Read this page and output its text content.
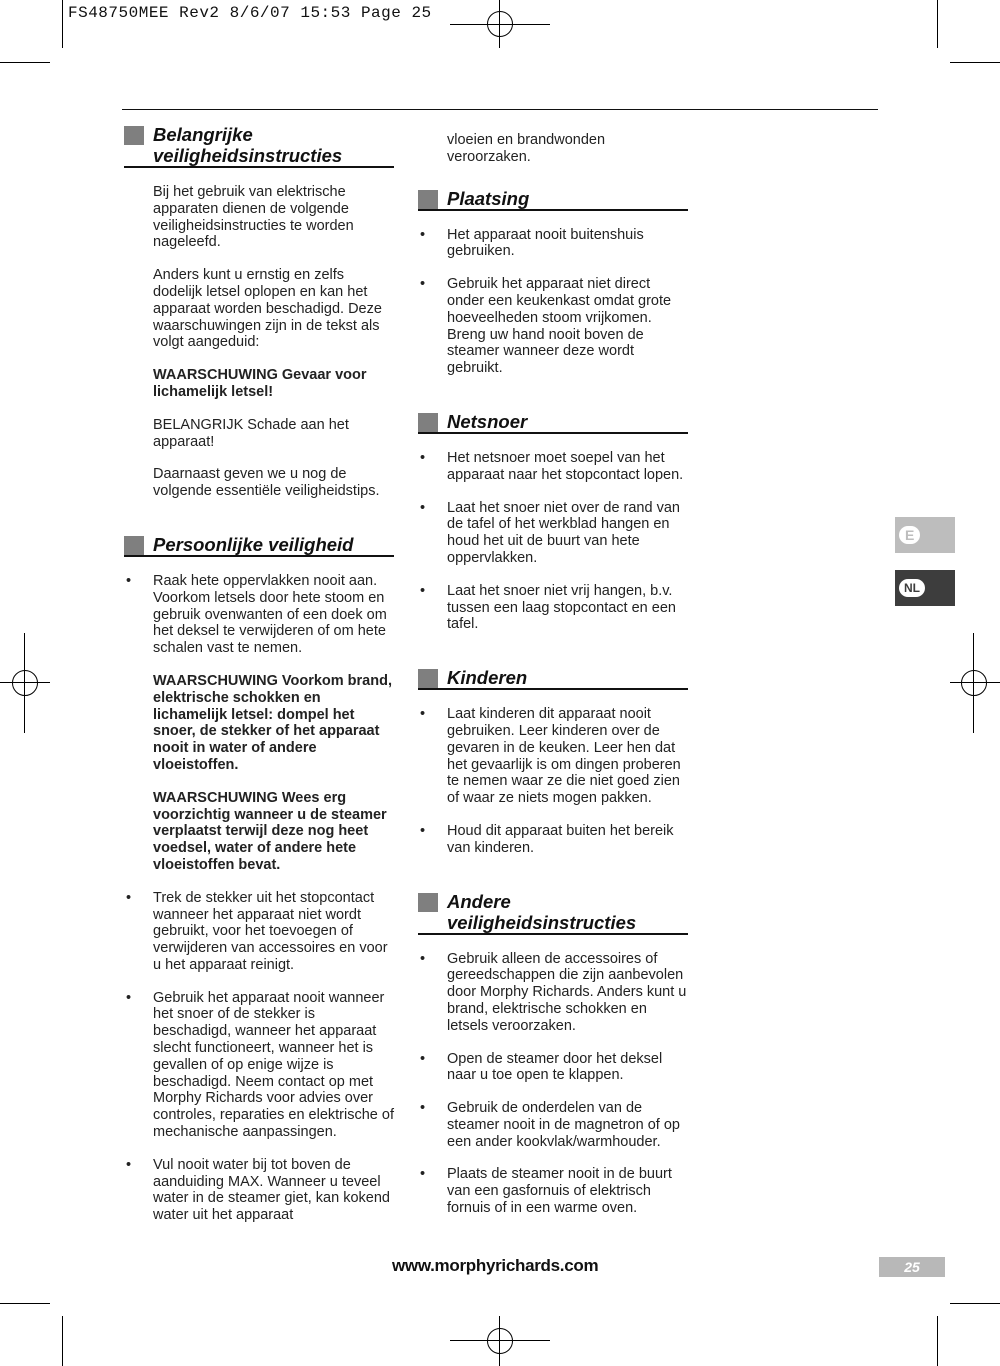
FS48750MEE Rev2 8/6/07 15:53 Page 25
Belangrijke
veiligheidsinstructies

Bij het gebruik van elektrische apparaten dienen de volgende veiligheidsinstructies te worden nageleefd.

Anders kunt u ernstig en zelfs dodelijk letsel oplopen en kan het apparaat worden beschadigd. Deze waarschuwingen zijn in de tekst als volgt aangeduid:

WAARSCHUWING Gevaar voor lichamelijk letsel!

BELANGRIJK Schade aan het apparaat!

Daarnaast geven we u nog de volgende essentiële veiligheidstips.

Persoonlijke veiligheid
• Raak hete oppervlakken nooit aan. Voorkom letsels door hete stoom en gebruik ovenwanten of een doek om het deksel te verwijderen of om hete schalen vast te nemen.

WAARSCHUWING Voorkom brand, elektrische schokken en lichamelijk letsel: dompel het snoer, de stekker of het apparaat nooit in water of andere vloeistoffen.

WAARSCHUWING Wees erg voorzichtig wanneer u de steamer verplaatst terwijl deze nog heet voedsel, water of andere hete vloeistoffen bevat.

• Trek de stekker uit het stopcontact wanneer het apparaat niet wordt gebruikt, voor het toevoegen of verwijderen van accessoires en voor u het apparaat reinigt.
• Gebruik het apparaat nooit wanneer het snoer of de stekker is beschadigd, wanneer het apparaat slecht functioneert, wanneer het is gevallen of op enige wijze is beschadigd. Neem contact op met Morphy Richards voor advies over controles, reparaties en elektrische of mechanische aanpassingen.
• Vul nooit water bij tot boven de aanduiding MAX. Wanneer u teveel water in de steamer giet, kan kokend water uit het apparaat

vloeien en brandwonden veroorzaken.

Plaatsing
• Het apparaat nooit buitenshuis gebruiken.
• Gebruik het apparaat niet direct onder een keukenkast omdat grote hoeveelheden stoom vrijkomen. Breng uw hand nooit boven de steamer wanneer deze wordt gebruikt.
Netsnoer
• Het netsnoer moet soepel van het apparaat naar het stopcontact lopen.
• Laat het snoer niet over de rand van de tafel of het werkblad hangen en houd het uit de buurt van hete oppervlakken.
• Laat het snoer niet vrij hangen, b.v. tussen een laag stopcontact en een tafel.
Kinderen
• Laat kinderen dit apparaat nooit gebruiken. Leer kinderen over de gevaren in de keuken. Leer hen dat het gevaarlijk is om dingen proberen te nemen waar ze die niet goed zien of waar ze niets mogen pakken.
• Houd dit apparaat buiten het bereik van kinderen.
Andere
veiligheidsinstructies
• Gebruik alleen de accessoires of gereedschappen die zijn aanbevolen door Morphy Richards. Anders kunt u brand, elektrische schokken en letsels veroorzaken.
• Open de steamer door het deksel naar u toe open te klappen.
• Gebruik de onderdelen van de steamer nooit in de magnetron of op een ander kookvlak/warmhouder.
• Plaats de steamer nooit in de buurt van een gasfornuis of elektrisch fornuis of in een warme oven.
E
NL
www.morphyrichards.com	25
